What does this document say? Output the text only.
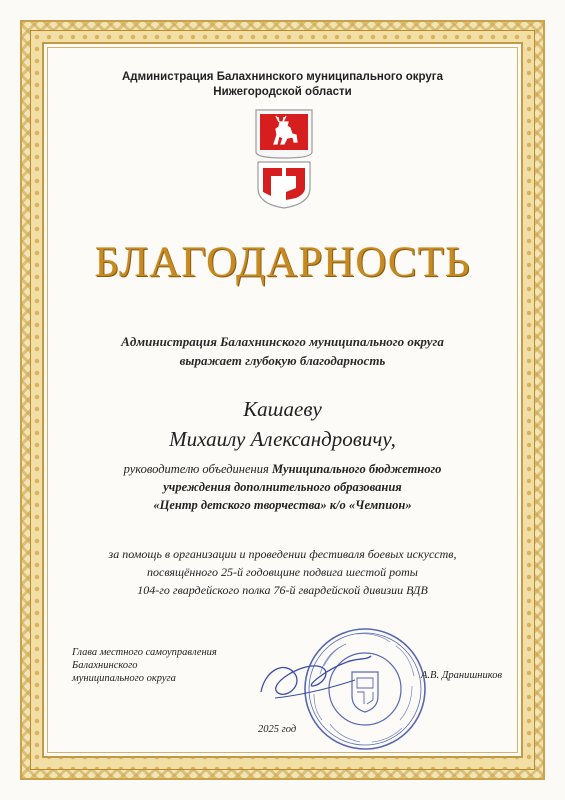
Администрация Балахнинского муниципального округа
Нижегородской области
БЛАГОДАРНОСТЬ
Администрация Балахнинского муниципального округа
выражает глубокую благодарность
Кашаеву
Михаилу Александровичу,
руководителю объединения Муниципального бюджетного
учреждения дополнительного образования
«Центр детского творчества» к/о «Чемпион»
за помощь в организации и проведении фестиваля боевых искусств,
посвящённого 25-й годовщине подвига шестой роты
104-го гвардейского полка 76-й гвардейской дивизии ВДВ
Глава местного самоуправления
Балахнинского
муниципального округа	А.В. Дранишников
2025 год
